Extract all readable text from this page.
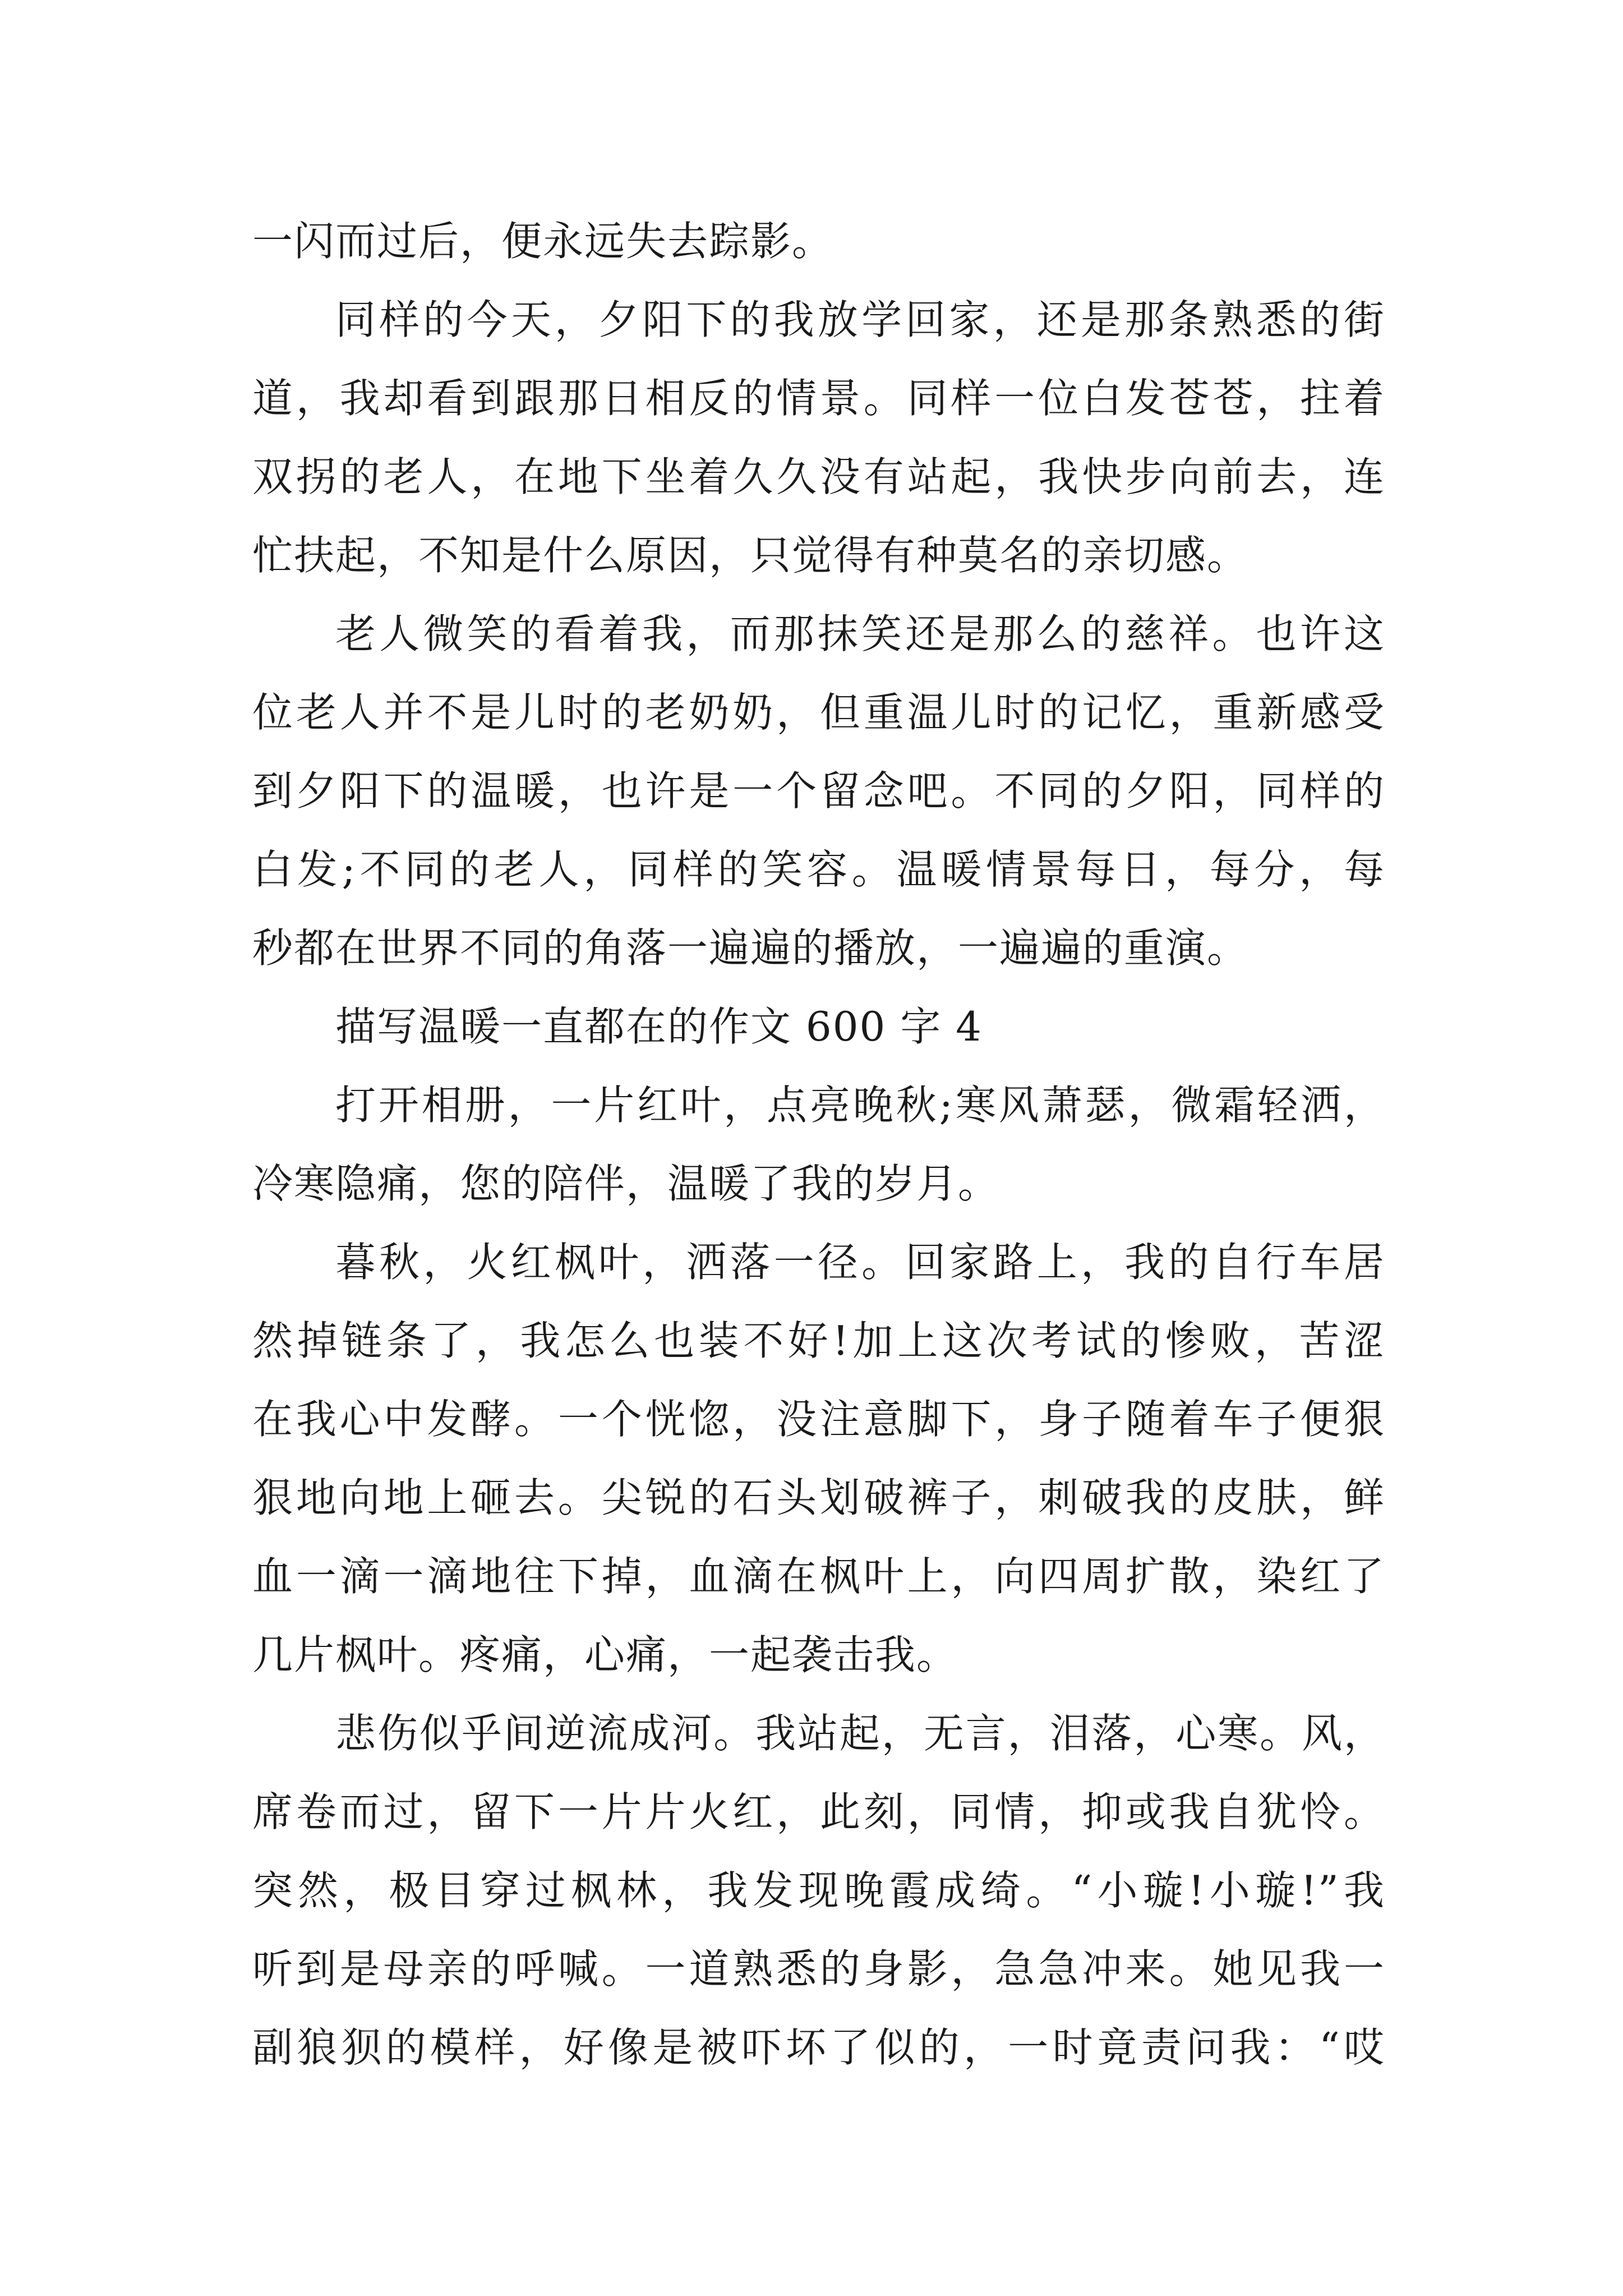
一闪而过后，便永远失去踪影。
同样的今天，夕阳下的我放学回家，还是那条熟悉的街
道，我却看到跟那日相反的情景。同样一位白发苍苍，拄着
双拐的老人，在地下坐着久久没有站起，我快步向前去，连
忙扶起，不知是什么原因，只觉得有种莫名的亲切感。
老人微笑的看着我，而那抹笑还是那么的慈祥。也许这
位老人并不是儿时的老奶奶，但重温儿时的记忆，重新感受
到夕阳下的温暖，也许是一个留念吧。不同的夕阳，同样的
白发;不同的老人，同样的笑容。温暖情景每日，每分，每
秒都在世界不同的角落一遍遍的播放，一遍遍的重演。
描写温暖一直都在的作文 600 字 4
打开相册，一片红叶，点亮晚秋;寒风萧瑟，微霜轻洒，
冷寒隐痛，您的陪伴，温暖了我的岁月。
暮秋，火红枫叶，洒落一径。回家路上，我的自行车居
然掉链条了，我怎么也装不好!加上这次考试的惨败，苦涩
在我心中发酵。一个恍惚，没注意脚下，身子随着车子便狠
狠地向地上砸去。尖锐的石头划破裤子，刺破我的皮肤，鲜
血一滴一滴地往下掉，血滴在枫叶上，向四周扩散，染红了
几片枫叶。疼痛，心痛，一起袭击我。
悲伤似乎间逆流成河。我站起，无言，泪落，心寒。风，
席卷而过，留下一片片火红，此刻，同情，抑或我自犹怜。
突然，极目穿过枫林，我发现晚霞成绮。“小璇!小璇!”我
听到是母亲的呼喊。一道熟悉的身影，急急冲来。她见我一
副狼狈的模样，好像是被吓坏了似的，一时竟责问我：“哎
